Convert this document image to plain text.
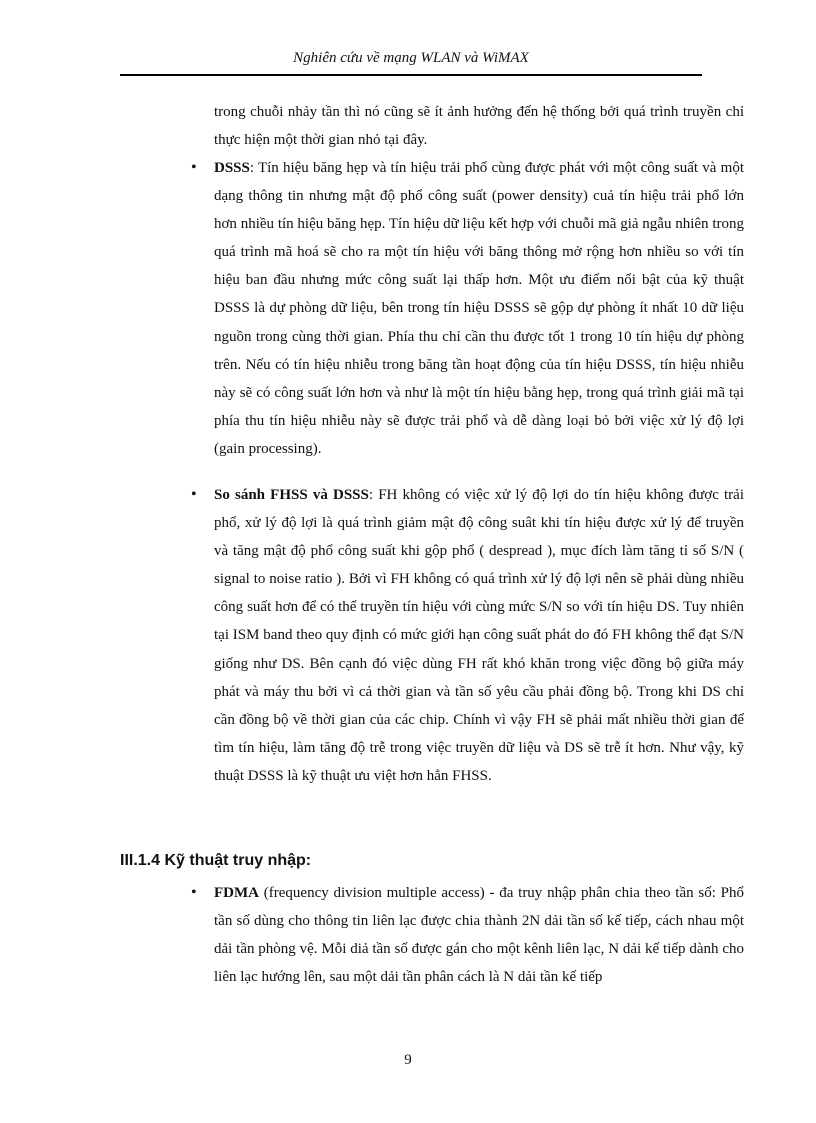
Nghiên cứu về mạng WLAN và WiMAX
trong chuỗi nhảy tần thì nó cũng sẽ ít ảnh hưởng đến hệ thống bởi quá trình truyền chỉ thực hiện một thời gian nhỏ tại đây.
• DSSS: Tín hiệu băng hẹp và tín hiệu trải phổ cùng được phát với một công suất và một dạng thông tin nhưng mật độ phổ công suất (power density) cuả tín hiệu trải phổ lớn hơn nhiều tín hiệu băng hẹp. Tín hiệu dữ liệu kết hợp với chuỗi mã giả ngẫu nhiên trong quá trình mã hoá sẽ cho ra một tín hiệu với băng thông mở rộng hơn nhiều so với tín hiệu ban đầu nhưng mức công suất lại thấp hơn. Một ưu điểm nổi bật của kỹ thuật DSSS là dự phòng dữ liệu, bên trong tín hiệu DSSS sẽ gộp dự phòng ít nhất 10 dữ liệu nguồn trong cùng thời gian. Phía thu chỉ cần thu được tốt 1 trong 10 tín hiệu dự phòng trên. Nếu có tín hiệu nhiễu trong băng tần hoạt động của tín hiệu DSSS, tín hiệu nhiễu này sẽ có công suất lớn hơn và như là một tín hiệu bằng hẹp, trong quá trình giải mã tại phía thu tín hiệu nhiễu này sẽ được trải phổ và dễ dàng loại bỏ bởi việc xử lý độ lợi (gain processing).
• So sánh FHSS và DSSS: FH không có việc xử lý độ lợi do tín hiệu không được trải phổ, xử lý độ lợi là quá trình giảm mật độ công suât khi tín hiệu được xử lý để truyền và tăng mật độ phổ công suất khi gộp phổ ( despread ), mục đích làm tăng tỉ số S/N ( signal to noise ratio ). Bởi vì FH không có quá trình xử lý độ lợi nên sẽ phải dùng nhiều công suất hơn để có thể truyền tín hiệu với cùng mức S/N so với tín hiệu DS. Tuy nhiên tại ISM band theo quy định có mức giới hạn công suất phát do đó FH không thể đạt S/N giống như DS. Bên cạnh đó việc dùng FH rất khó khăn trong việc đồng bộ giữa máy phát và máy thu bởi vì cả thời gian và tần số yêu cầu phải đồng bộ. Trong khi DS chỉ cần đồng bộ về thời gian của các chip. Chính vì vậy FH sẽ phải mất nhiều thời gian để tìm tín hiệu, làm tăng độ trễ trong việc truyền dữ liệu và DS sẽ trễ ít hơn. Như vậy, kỹ thuật DSSS là kỹ thuật ưu việt hơn hẳn FHSS.
III.1.4 Kỹ thuật truy nhập:
• FDMA (frequency division multiple access) - đa truy nhập phân chia theo tần số: Phổ tần số dùng cho thông tin liên lạc được chia thành 2N dải tần số kế tiếp, cách nhau một dải tần phòng vệ. Mỗi diả tần số được gán cho một kênh liên lạc, N dải kế tiếp dành cho liên lạc hướng lên, sau một dải tần phân cách là N dải tần kế tiếp
9
